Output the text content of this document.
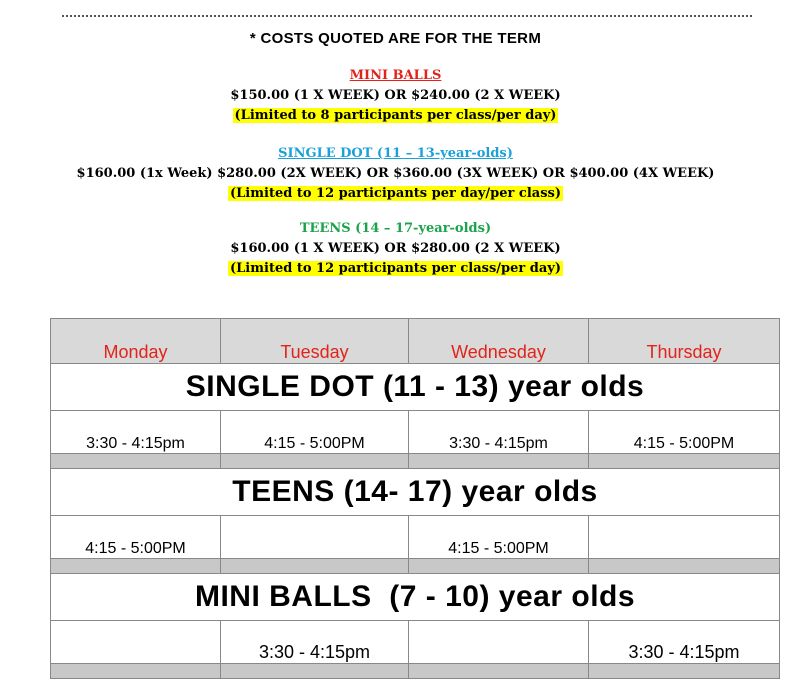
* COSTS QUOTED ARE FOR THE TERM
MINI BALLS
$150.00 (1 X WEEK) OR $240.00 (2 X WEEK)
(Limited to 8 participants per class/per day)
SINGLE DOT (11 – 13-year-olds)
$160.00 (1x Week) $280.00 (2X WEEK) OR $360.00 (3X WEEK) OR $400.00 (4X WEEK)
(Limited to 12 participants per day/per class)
TEENS (14 – 17-year-olds)
$160.00 (1 X WEEK) OR $280.00 (2 X WEEK)
(Limited to 12 participants per class/per day)
Monday	Tuesday	Wednesday	Thursday
SINGLE DOT (11 - 13) year olds			
3:30 - 4:15pm	4:15 - 5:00PM	3:30 - 4:15pm	4:15 - 5:00PM

TEENS (14- 17) year olds			
4:15 - 5:00PM		4:15 - 5:00PM	

MINI BALLS  (7 - 10) year olds			
	3:30 - 4:15pm		3:30 - 4:15pm
